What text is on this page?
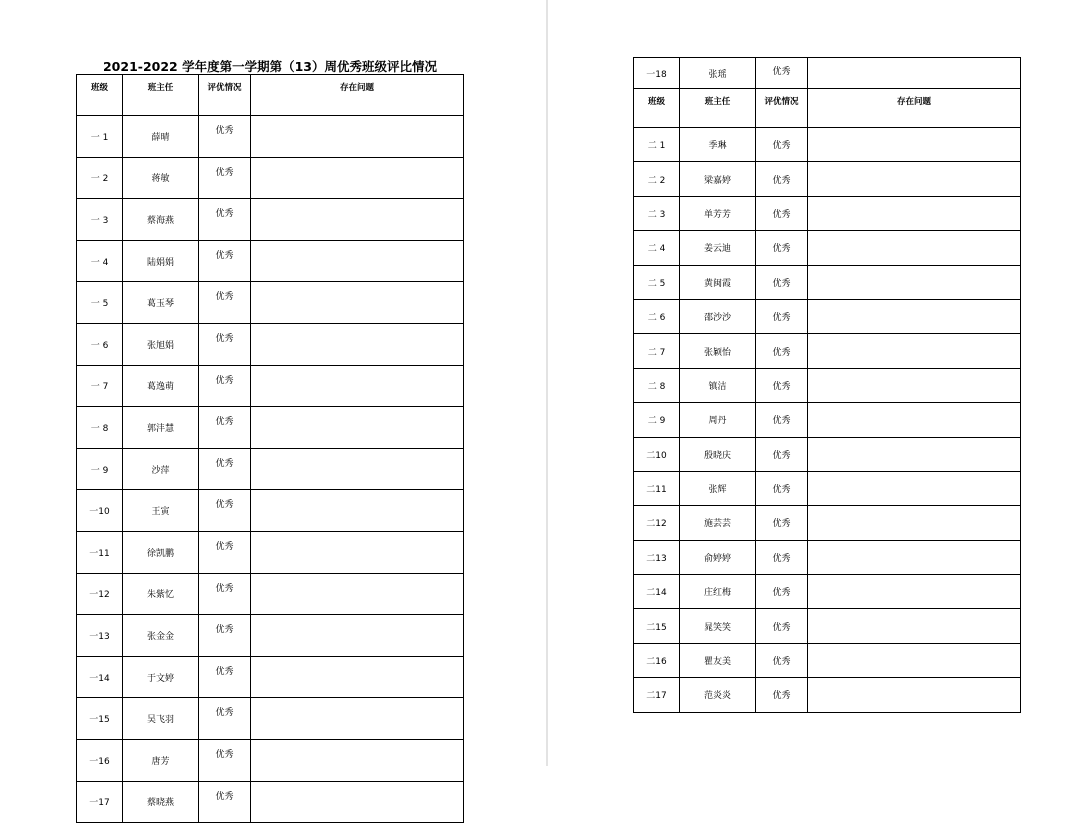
2021-2022 学年度第一学期第（13）周优秀班级评比情况
班级	班主任	评优情况	存在问题
一 1	薛晴	优秀	
一 2	蒋敏	优秀	
一 3	蔡海燕	优秀	
一 4	陆娟娟	优秀	
一 5	葛玉琴	优秀	
一 6	张旭娟	优秀	
一 7	葛逸萌	优秀	
一 8	郭沣慧	优秀	
一 9	沙萍	优秀	
一10	王寅	优秀	
一11	徐凯鹏	优秀	
一12	朱紫忆	优秀	
一13	张金金	优秀	
一14	于文婷	优秀	
一15	吴飞羽	优秀	
一16	唐芳	优秀	
一17	蔡晓燕	优秀	
一18	张瑶	优秀	
班级	班主任	评优情况	存在问题
二 1	季琳	优秀	
二 2	梁嘉婷	优秀	
二 3	单芳芳	优秀	
二 4	姜云迪	优秀	
二 5	黄闽霞	优秀	
二 6	邵沙沙	优秀	
二 7	张颖怡	优秀	
二 8	镇洁	优秀	
二 9	周丹	优秀	
二10	殷晓庆	优秀	
二11	张辉	优秀	
二12	施芸芸	优秀	
二13	俞婷婷	优秀	
二14	庄红梅	优秀	
二15	晁笑笑	优秀	
二16	瞿友美	优秀	
二17	范炎炎	优秀	
